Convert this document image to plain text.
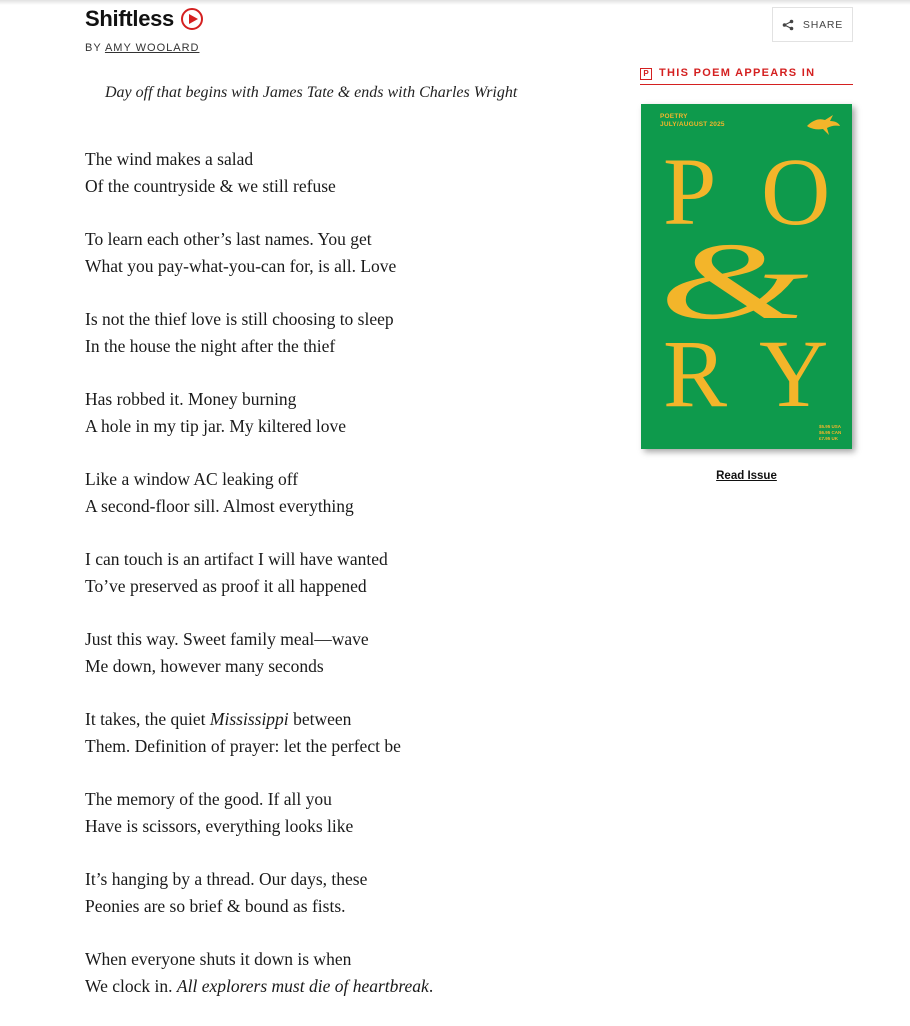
Shiftless
BY AMY WOOLARD
SHARE
Day off that begins with James Tate & ends with Charles Wright
The wind makes a salad
Of the countryside & we still refuse
To learn each other’s last names. You get
What you pay-what-you-can for, is all. Love
Is not the thief love is still choosing to sleep
In the house the night after the thief
Has robbed it. Money burning
A hole in my tip jar. My kiltered love
Like a window AC leaking off
A second-floor sill. Almost everything
I can touch is an artifact I will have wanted
To’ve preserved as proof it all happened
Just this way. Sweet family meal—wave
Me down, however many seconds
It takes, the quiet Mississippi between
Them. Definition of prayer: let the perfect be
The memory of the good. If all you
Have is scissors, everything looks like
It’s hanging by a thread. Our days, these
Peonies are so brief & bound as fists.
When everyone shuts it down is when
We clock in. All explorers must die of heartbreak.
P THIS POEM APPEARS IN
POETRY
JULY/AUGUST 2025
P O
&
R Y
$5.95 USA
$6.95 CAN
£7.95 UK
Read Issue
